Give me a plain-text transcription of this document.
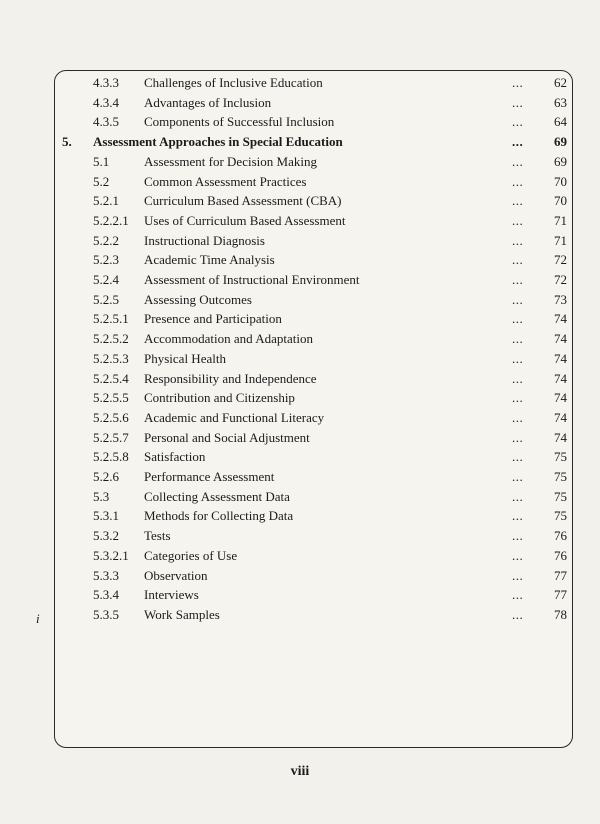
4.3.3 Challenges of Inclusive Education	...	62
4.3.4 Advantages of Inclusion	...	63
4.3.5 Components of Successful Inclusion	...	64
5. Assessment Approaches in Special Education	...	69
5.1	Assessment for Decision Making	...	69
5.2	Common Assessment Practices	...	70
5.2.1 Curriculum Based Assessment (CBA)	...	70
5.2.2.1 Uses of Curriculum Based Assessment	...	71
5.2.2 Instructional Diagnosis	...	71
5.2.3 Academic Time Analysis	...	72
5.2.4 Assessment of Instructional Environment	...	72
5.2.5 Assessing Outcomes	...	73
5.2.5.1 Presence and Participation	...	74
5.2.5.2 Accommodation and Adaptation	...	74
5.2.5.3 Physical Health	...	74
5.2.5.4 Responsibility and Independence	...	74
5.2.5.5 Contribution and Citizenship	...	74
5.2.5.6 Academic and Functional Literacy	...	74
5.2.5.7 Personal and Social Adjustment	...	74
5.2.5.8 Satisfaction	...	75
5.2.6 Performance Assessment	...	75
5.3	Collecting Assessment Data	...	75
5.3.1 Methods for Collecting Data	...	75
5.3.2 Tests	...	76
5.3.2.1 Categories of Use	...	76
5.3.3 Observation	...	77
5.3.4 Interviews	...	77
5.3.5 Work Samples	...	78
i
viii
